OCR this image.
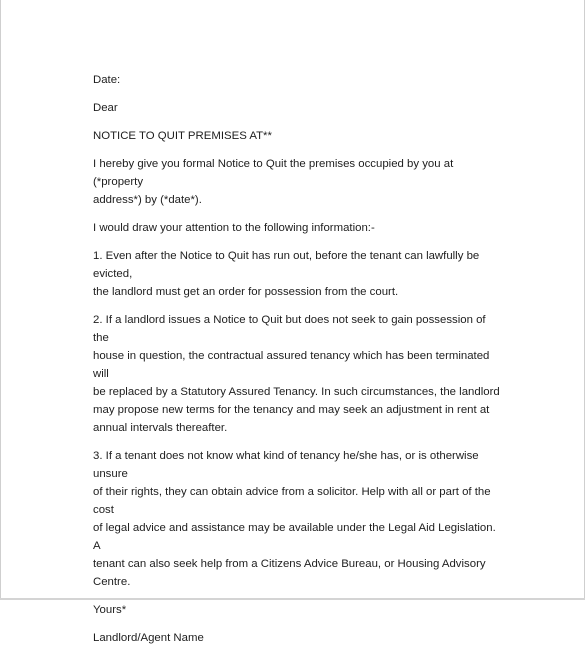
Date:

Dear

NOTICE TO QUIT PREMISES AT**

I hereby give you formal Notice to Quit the premises occupied by you at (*property
address*) by (*date*).

I would draw your attention to the following information:-

1. Even after the Notice to Quit has run out, before the tenant can lawfully be evicted,
the landlord must get an order for possession from the court.

2. If a landlord issues a Notice to Quit but does not seek to gain possession of the
house in question, the contractual assured tenancy which has been terminated will
be replaced by a Statutory Assured Tenancy. In such circumstances, the landlord
may propose new terms for the tenancy and may seek an adjustment in rent at
annual intervals thereafter.

3. If a tenant does not know what kind of tenancy he/she has, or is otherwise unsure
of their rights, they can obtain advice from a solicitor. Help with all or part of the cost
of legal advice and assistance may be available under the Legal Aid Legislation. A
tenant can also seek help from a Citizens Advice Bureau, or Housing Advisory
Centre.

Yours*

Landlord/Agent Name
